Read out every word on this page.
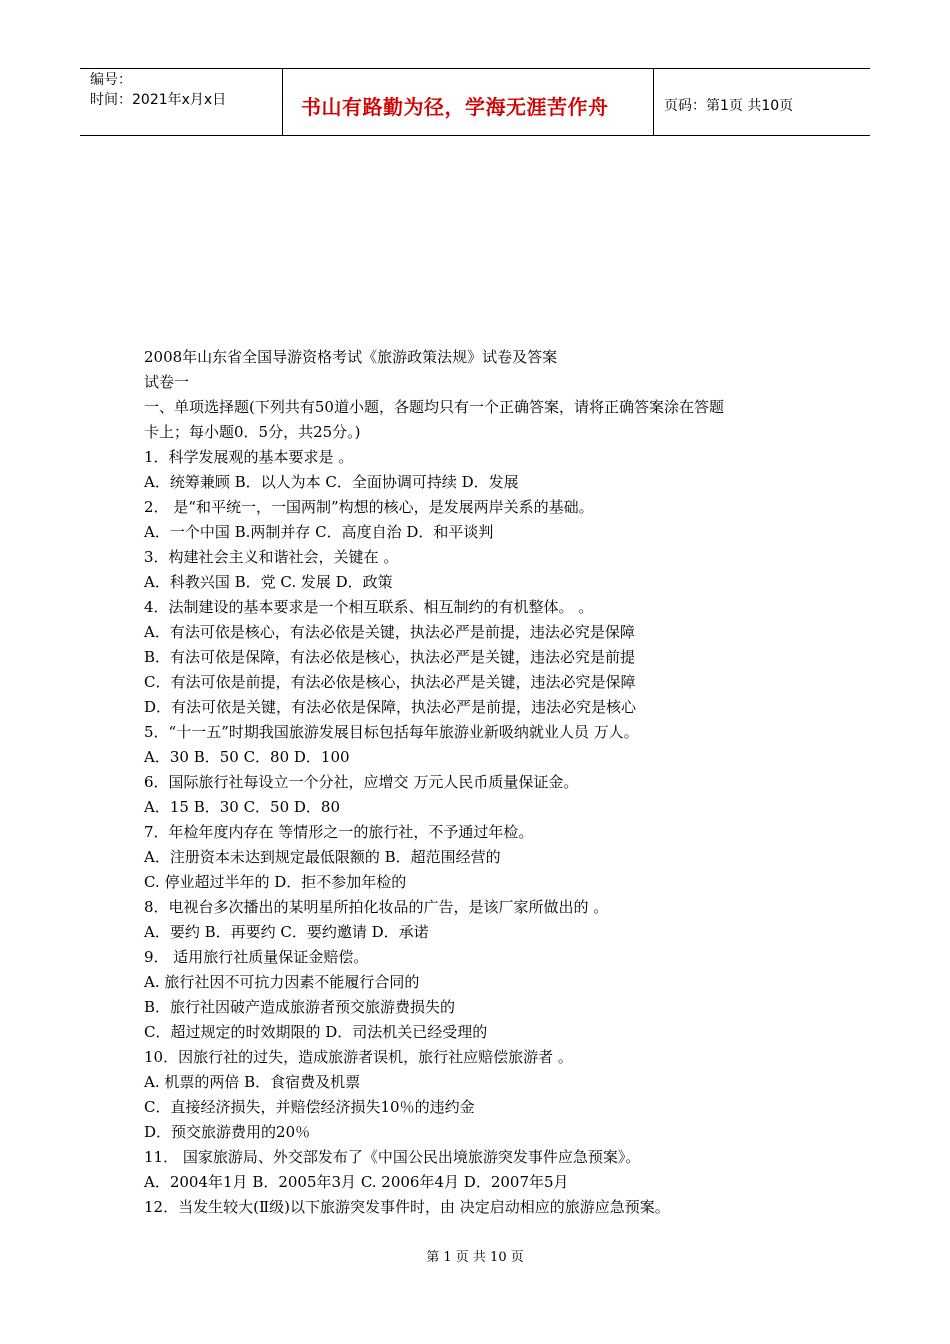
编号：
时间：2021年x月x日	书山有路勤为径，学海无涯苦作舟	页码：第1页 共10页
2008年山东省全国导游资格考试《旅游政策法规》试卷及答案
试卷一
一、单项选择题(下列共有50道小题，各题均只有一个正确答案，请将正确答案涂在答题
卡上；每小题0．5分，共25分。)
1．科学发展观的基本要求是 。
A．统筹兼顾 B．以人为本 C．全面协调可持续 D．发展
2． 是“和平统一，一国两制”构想的核心，是发展两岸关系的基础。
A．一个中国 B.两制并存 C．高度自治 D．和平谈判
3．构建社会主义和谐社会，关键在 。
A．科教兴国 B．党 C. 发展 D．政策
4．法制建设的基本要求是一个相互联系、相互制约的有机整体。 。
A．有法可依是核心，有法必依是关键，执法必严是前提，违法必究是保障
B．有法可依是保障，有法必依是核心，执法必严是关键，违法必究是前提
C．有法可依是前提，有法必依是核心，执法必严是关键，违法必究是保障
D．有法可依是关键，有法必依是保障，执法必严是前提，违法必究是核心
5．“十一五”时期我国旅游发展目标包括每年旅游业新吸纳就业人员 万人。
A．30 B．50 C．80 D．100
6．国际旅行社每设立一个分社，应增交 万元人民币质量保证金。
A．15 B．30 C．50 D．80
7．年检年度内存在 等情形之一的旅行社，不予通过年检。
A．注册资本未达到规定最低限额的 B．超范围经营的
C. 停业超过半年的 D．拒不参加年检的
8．电视台多次播出的某明星所拍化妆品的广告，是该厂家所做出的 。
A．要约 B．再要约 C．要约邀请 D．承诺
9． 适用旅行社质量保证金赔偿。
A. 旅行社因不可抗力因素不能履行合同的
B．旅行社因破产造成旅游者预交旅游费损失的
C．超过规定的时效期限的 D．司法机关已经受理的
10．因旅行社的过失，造成旅游者误机，旅行社应赔偿旅游者 。
A. 机票的两倍 B．食宿费及机票
C．直接经济损失，并赔偿经济损失10％的违约金
D．预交旅游费用的20％
11． 国家旅游局、外交部发布了《中国公民出境旅游突发事件应急预案》。
A．2004年1月 B．2005年3月 C. 2006年4月 D．2007年5月
12．当发生较大(Ⅱ级)以下旅游突发事件时，由 决定启动相应的旅游应急预案。
第 1 页 共 10 页
